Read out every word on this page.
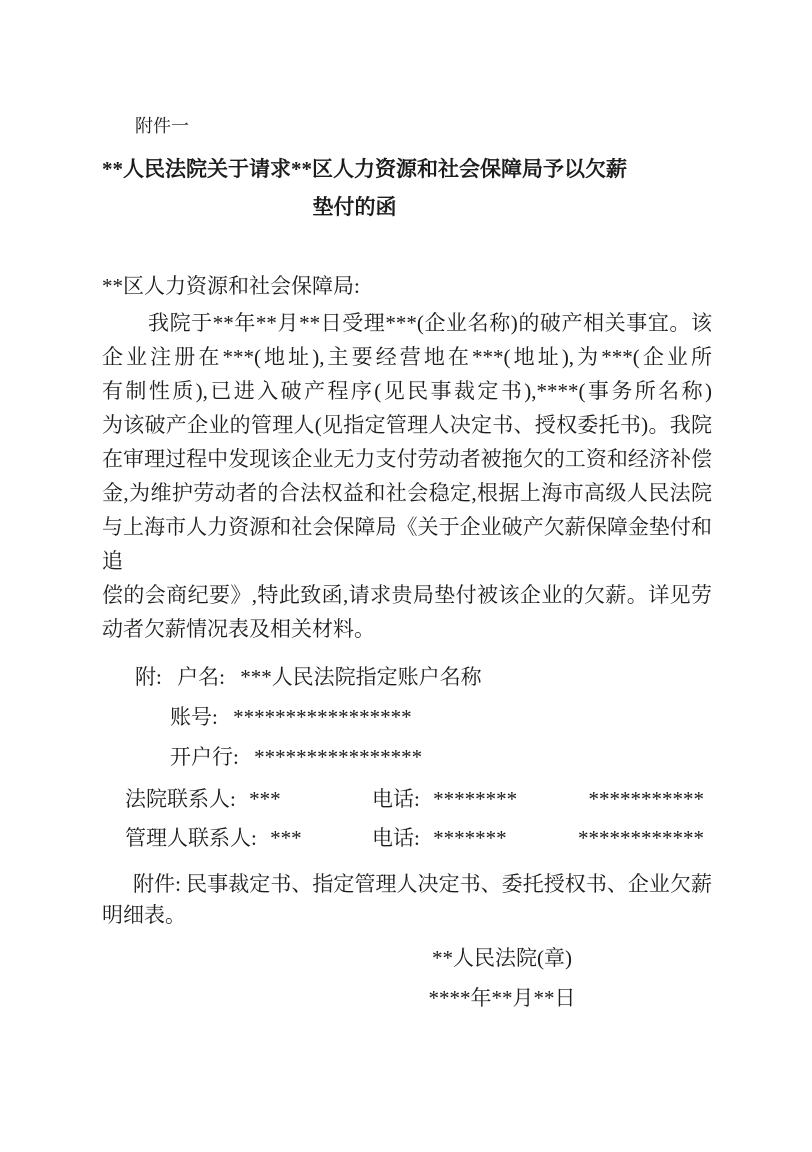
附件一
**人民法院关于请求**区人力资源和社会保障局予以欠薪
垫付的函
**区人力资源和社会保障局:
我院于**年**月**日受理***(企业名称)的破产相关事宜。该
企业注册在***(地址),主要经营地在***(地址),为***(企业所
有制性质),已进入破产程序(见民事裁定书),****(事务所名称)
为该破产企业的管理人(见指定管理人决定书、授权委托书)。我院
在审理过程中发现该企业无力支付劳动者被拖欠的工资和经济补偿
金,为维护劳动者的合法权益和社会稳定,根据上海市高级人民法院
与上海市人力资源和社会保障局《关于企业破产欠薪保障金垫付和追
偿的会商纪要》,特此致函,请求贵局垫付被该企业的欠薪。详见劳
动者欠薪情况表及相关材料。
附: 户名: ***人民法院指定账户名称
账号: *****************
开户行: ****************
法院联系人: ***	电话: ********	***********
管理人联系人: ***	电话: *******	************
附件: 民事裁定书、指定管理人决定书、委托授权书、企业欠薪
明细表。
**人民法院(章)
****年**月**日
